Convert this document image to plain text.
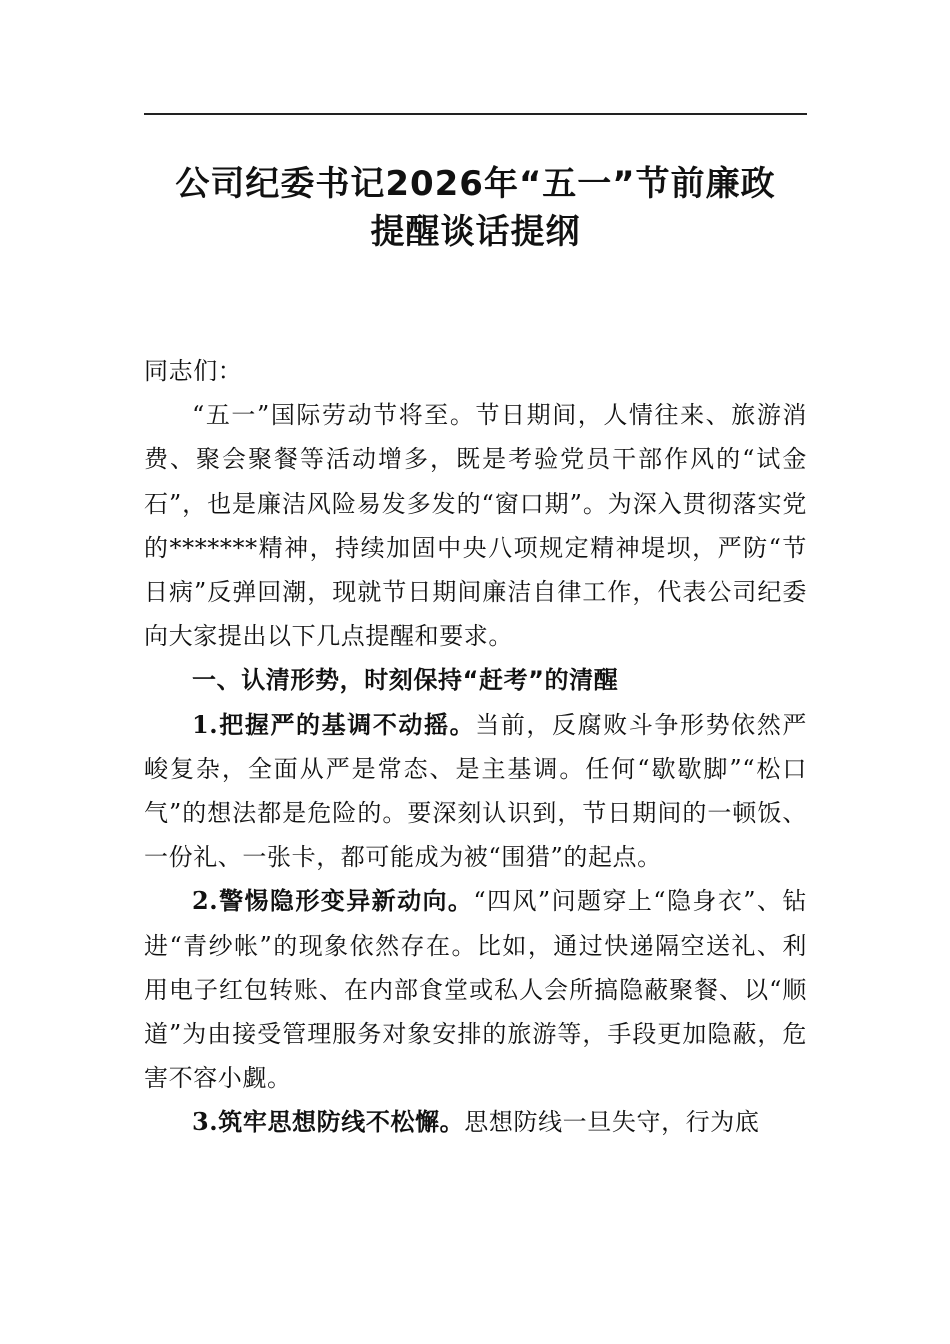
公司纪委书记2026年“五一”节前廉政
提醒谈话提纲

同志们：

“五一”国际劳动节将至。节日期间，人情往来、旅游消费、聚会聚餐等活动增多，既是考验党员干部作风的“试金石”，也是廉洁风险易发多发的“窗口期”。为深入贯彻落实党的*******精神，持续加固中央八项规定精神堤坝，严防“节日病”反弹回潮，现就节日期间廉洁自律工作，代表公司纪委向大家提出以下几点提醒和要求。

一、认清形势，时刻保持“赶考”的清醒

1.把握严的基调不动摇。当前，反腐败斗争形势依然严峻复杂，全面从严是常态、是主基调。任何“歇歇脚”“松口气”的想法都是危险的。要深刻认识到，节日期间的一顿饭、一份礼、一张卡，都可能成为被“围猎”的起点。

2.警惕隐形变异新动向。“四风”问题穿上“隐身衣”、钻进“青纱帐”的现象依然存在。比如，通过快递隔空送礼、利用电子红包转账、在内部食堂或私人会所搞隐蔽聚餐、以“顺道”为由接受管理服务对象安排的旅游等，手段更加隐蔽，危害不容小觑。

3.筑牢思想防线不松懈。思想防线一旦失守，行为底
